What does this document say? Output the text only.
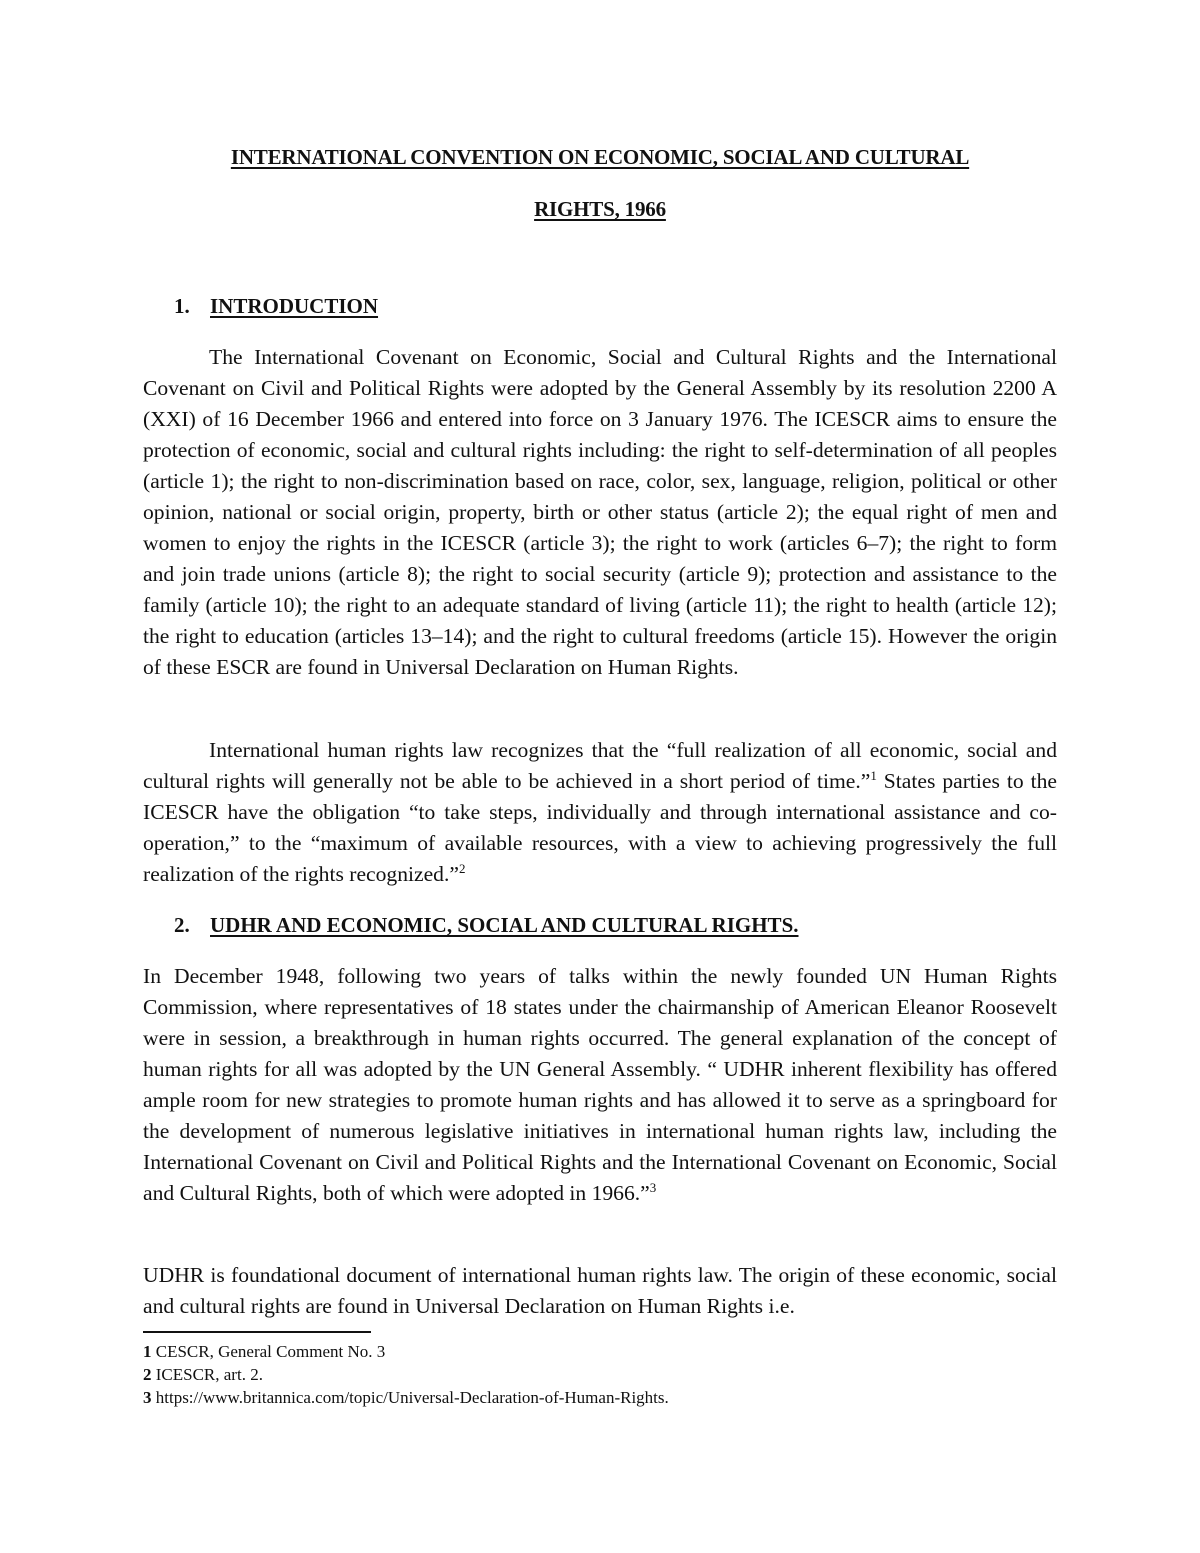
INTERNATIONAL CONVENTION ON ECONOMIC, SOCIAL AND CULTURAL
RIGHTS, 1966
1. INTRODUCTION

The International Covenant on Economic, Social and Cultural Rights and the International Covenant on Civil and Political Rights were adopted by the General Assembly by its resolution 2200 A (XXI) of 16 December 1966 and entered into force on 3 January 1976. The ICESCR aims to ensure the protection of economic, social and cultural rights including: the right to self-determination of all peoples (article 1); the right to non-discrimination based on race, color, sex, language, religion, political or other opinion, national or social origin, property, birth or other status (article 2); the equal right of men and women to enjoy the rights in the ICESCR (article 3); the right to work (articles 6–7); the right to form and join trade unions (article 8); the right to social security (article 9); protection and assistance to the family (article 10); the right to an adequate standard of living (article 11); the right to health (article 12); the right to education (articles 13–14); and the right to cultural freedoms (article 15). However the origin of these ESCR are found in Universal Declaration on Human Rights.

International human rights law recognizes that the “full realization of all economic, social and cultural rights will generally not be able to be achieved in a short period of time.”$^1$ States parties to the ICESCR have the obligation “to take steps, individually and through international assistance and co-operation,” to the “maximum of available resources, with a view to achieving progressively the full realization of the rights recognized.”$^2$

2. UDHR AND ECONOMIC, SOCIAL AND CULTURAL RIGHTS.

In December 1948, following two years of talks within the newly founded UN Human Rights Commission, where representatives of 18 states under the chairmanship of American Eleanor Roosevelt were in session, a breakthrough in human rights occurred. The general explanation of the concept of human rights for all was adopted by the UN General Assembly. “ UDHR inherent flexibility has offered ample room for new strategies to promote human rights and has allowed it to serve as a springboard for the development of numerous legislative initiatives in international human rights law, including the International Covenant on Civil and Political Rights and the International Covenant on Economic, Social and Cultural Rights, both of which were adopted in 1966.”$^3$

UDHR is foundational document of international human rights law. The origin of these economic, social and cultural rights are found in Universal Declaration on Human Rights i.e.

1 CESCR, General Comment No. 3
2 ICESCR, art. 2.
3 https://www.britannica.com/topic/Universal-Declaration-of-Human-Rights.
